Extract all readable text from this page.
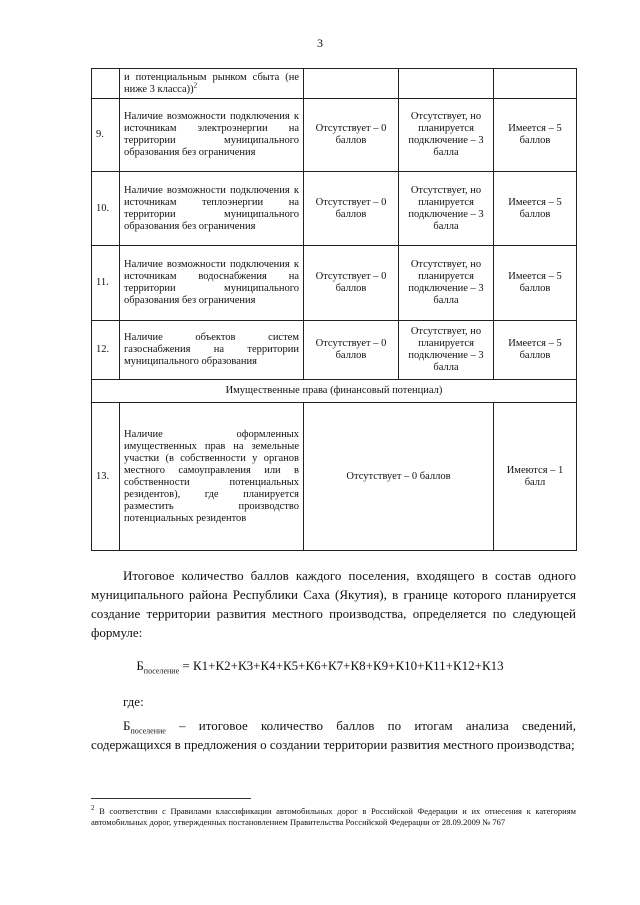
3
	и потенциальным рынком сбыта (не ниже 3 класса))$^2$			
9.	Наличие возможности подключения к источникам электроэнергии на территории муниципального образования без ограничения	Отсутствует – 0 баллов	Отсутствует, но планируется подключение – 3 балла	Имеется – 5 баллов
10.	Наличие возможности подключения к источникам теплоэнергии на территории муниципального образования без ограничения	Отсутствует – 0 баллов	Отсутствует, но планируется подключение – 3 балла	Имеется – 5 баллов
11.	Наличие возможности подключения к источникам водоснабжения на территории муниципального образования без ограничения	Отсутствует – 0 баллов	Отсутствует, но планируется подключение – 3 балла	Имеется – 5 баллов
12.	Наличие объектов систем газоснабжения на территории муниципального образования	Отсутствует – 0 баллов	Отсутствует, но планируется подключение – 3 балла	Имеется – 5 баллов
Имущественные права (финансовый потенциал)				
13.	Наличие оформленных имущественных прав на земельные участки (в собственности у органов местного самоуправления или в собственности потенциальных резидентов), где планируется разместить производство потенциальных резидентов	Отсутствует – 0 баллов		Имеются – 1 балл
Итоговое количество баллов каждого поселения, входящего в состав одного муниципального района Республики Саха (Якутия), в границе которого планируется создание территории развития местного производства, определяется по следующей формуле:
$Б_{поселение} = К1+К2+К3+К4+К5+К6+К7+К8+К9+К10+К11+К12+К13$
где:
$Б_{поселение}$ – итоговое количество баллов по итогам анализа сведений, содержащихся в предложения о создании территории развития местного производства;
$^2$ В соответствии с Правилами классификации автомобильных дорог в Российской Федерации и их отнесения к категориям автомобильных дорог, утвержденных постановлением Правительства Российской Федерации от 28.09.2009 № 767
